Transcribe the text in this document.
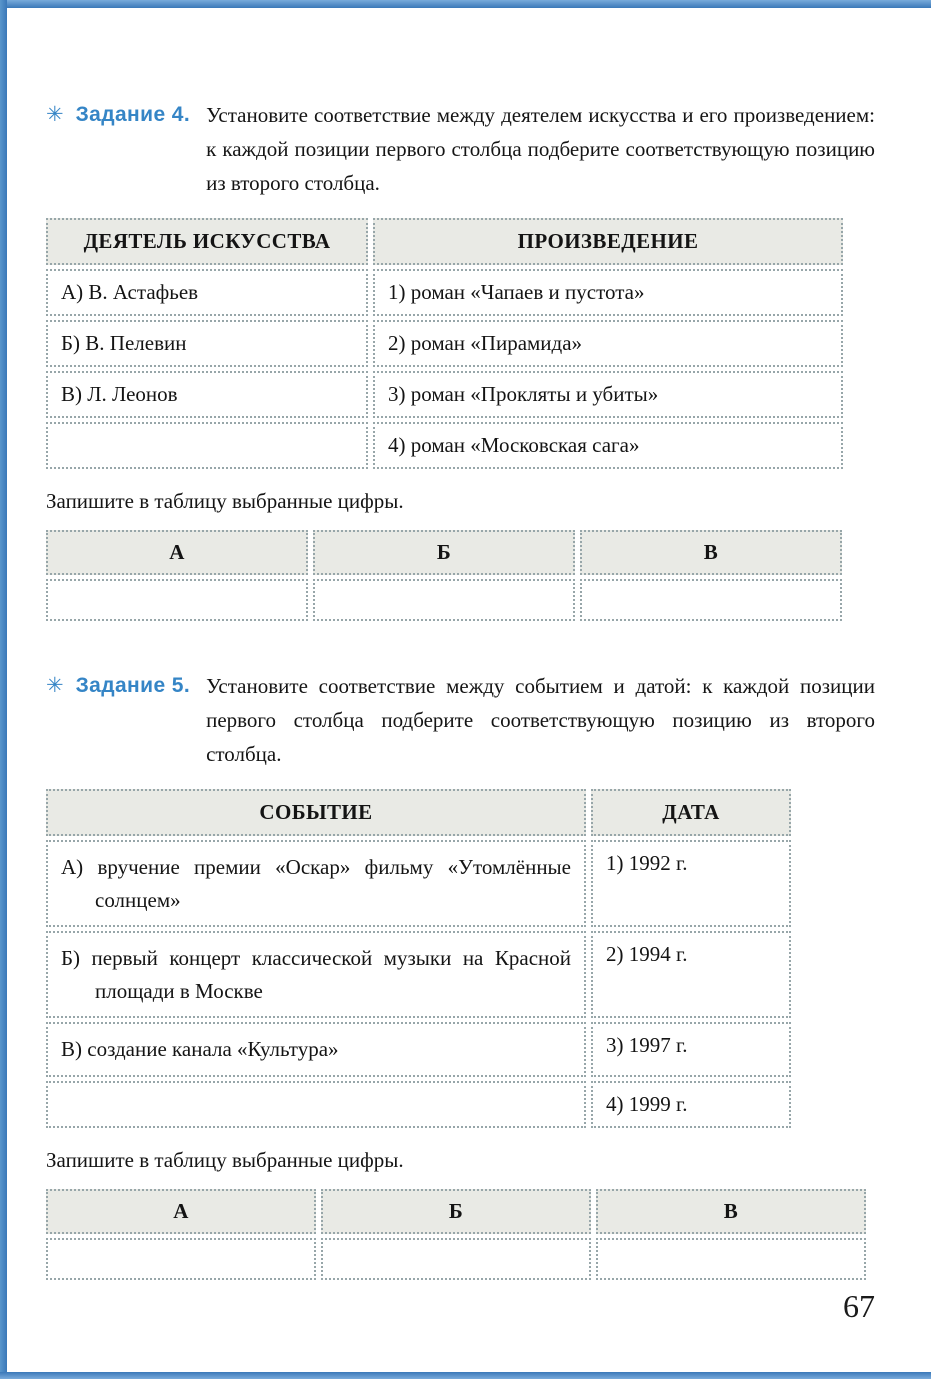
✳ Задание 4. Установите соответствие между деятелем искусства и его произведением: к каждой позиции первого столбца подберите соответствующую позицию из второго столбца.

ДЕЯТЕЛЬ ИСКУССТВА	ПРОИЗВЕДЕНИЕ
А) В. Астафьев	1) роман «Чапаев и пустота»
Б) В. Пелевин	2) роман «Пирамида»
В) Л. Леонов	3) роман «Прокляты и убиты»
	4) роман «Московская сага»

Запишите в таблицу выбранные цифры.

А	Б	В

✳ Задание 5. Установите соответствие между событием и датой: к каждой позиции первого столбца подберите соответствующую позицию из второго столбца.

СОБЫТИЕ	ДАТА

А) вручение премии «Оскар» фильму «Утомлённые солнцем»	1) 1992 г.

Б) первый концерт классической музыки на Красной площади в Москве	2) 1994 г.

В) создание канала «Культура»	3) 1997 г.
	4) 1999 г.

Запишите в таблицу выбранные цифры.

А	Б	В

67
